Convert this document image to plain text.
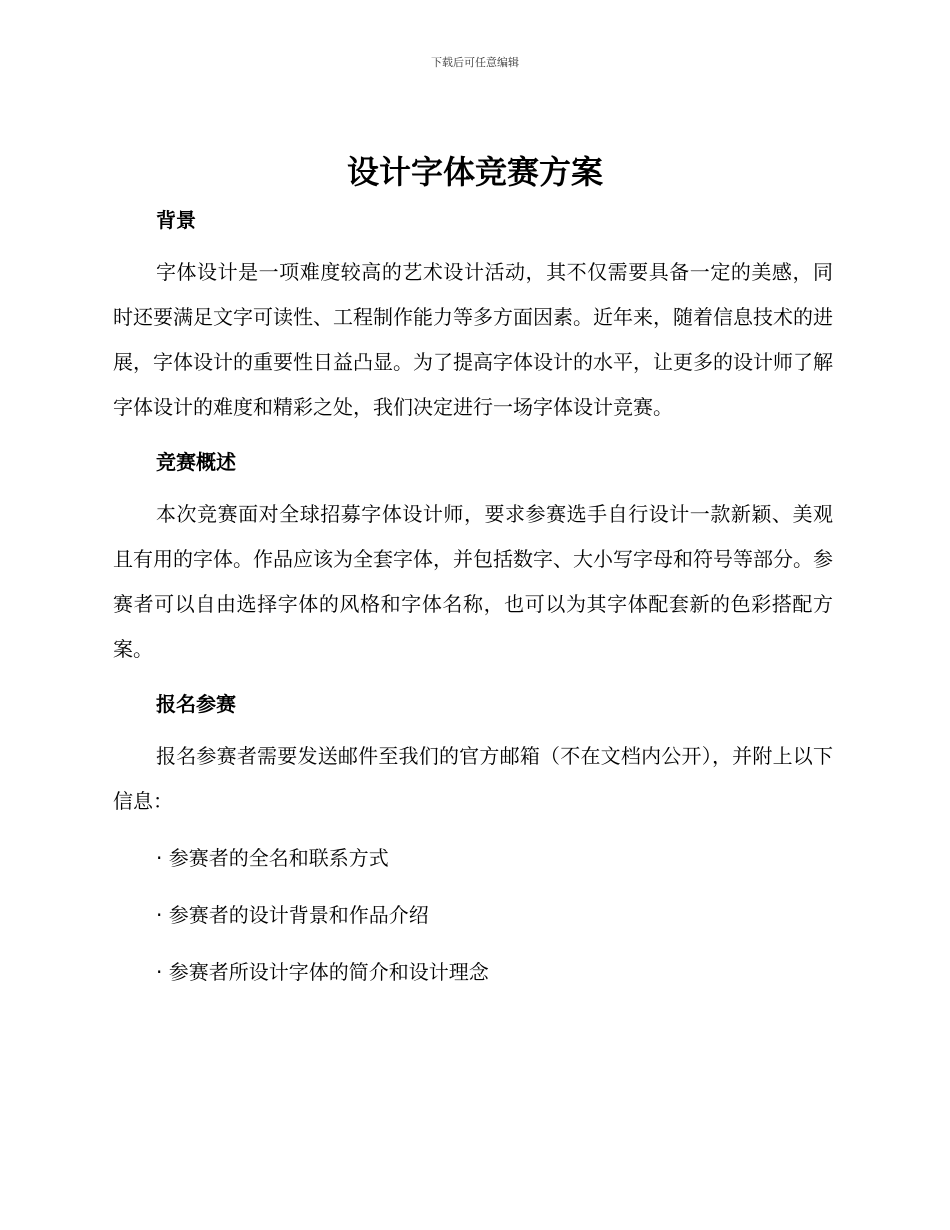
下载后可任意编辑
设计字体竞赛方案
背景

字体设计是一项难度较高的艺术设计活动，其不仅需要具备一定的美感，同时还要满足文字可读性、工程制作能力等多方面因素。近年来，随着信息技术的进展，字体设计的重要性日益凸显。为了提高字体设计的水平，让更多的设计师了解字体设计的难度和精彩之处，我们决定进行一场字体设计竞赛。

竞赛概述

本次竞赛面对全球招募字体设计师，要求参赛选手自行设计一款新颖、美观且有用的字体。作品应该为全套字体，并包括数字、大小写字母和符号等部分。参赛者可以自由选择字体的风格和字体名称，也可以为其字体配套新的色彩搭配方案。

报名参赛

报名参赛者需要发送邮件至我们的官方邮箱（不在文档内公开），并附上以下信息：

· 参赛者的全名和联系方式
· 参赛者的设计背景和作品介绍
· 参赛者所设计字体的简介和设计理念
